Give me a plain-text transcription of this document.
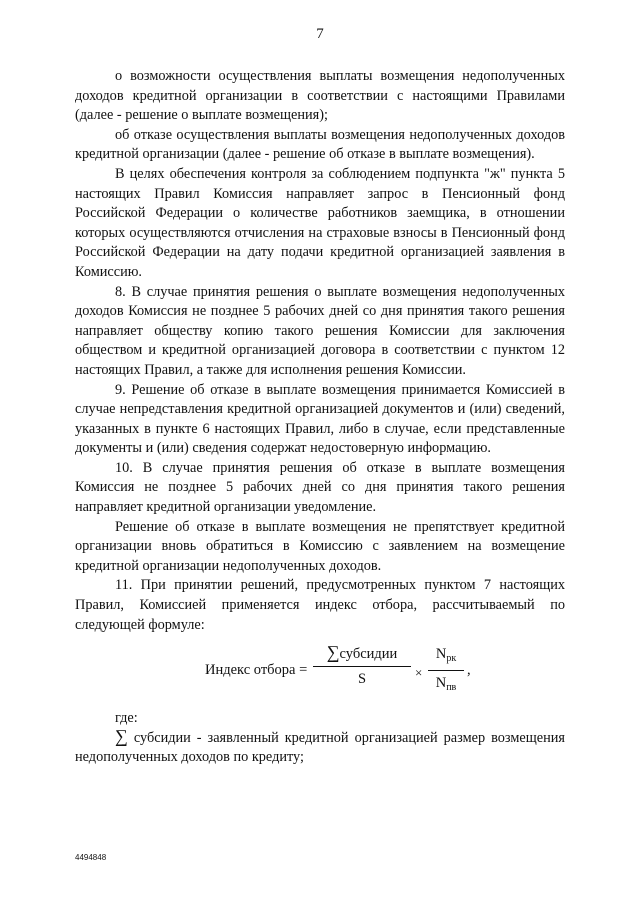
7

о возможности осуществления выплаты возмещения недополученных доходов кредитной организации в соответствии с настоящими Правилами (далее - решение о выплате возмещения);

об отказе осуществления выплаты возмещения недополученных доходов кредитной организации (далее - решение об отказе в выплате возмещения).

В целях обеспечения контроля за соблюдением подпункта "ж" пункта 5 настоящих Правил Комиссия направляет запрос в Пенсионный фонд Российской Федерации о количестве работников заемщика, в отношении которых осуществляются отчисления на страховые взносы в Пенсионный фонд Российской Федерации на дату подачи кредитной организацией заявления в Комиссию.

8. В случае принятия решения о выплате возмещения недополученных доходов Комиссия не позднее 5 рабочих дней со дня принятия такого решения направляет обществу копию такого решения Комиссии для заключения обществом и кредитной организацией договора в соответствии с пунктом 12 настоящих Правил, а также для исполнения решения Комиссии.

9. Решение об отказе в выплате возмещения принимается Комиссией в случае непредставления кредитной организацией документов и (или) сведений, указанных в пункте 6 настоящих Правил, либо в случае, если представленные документы и (или) сведения содержат недостоверную информацию.

10. В случае принятия решения об отказе в выплате возмещения Комиссия не позднее 5 рабочих дней со дня принятия такого решения направляет кредитной организации уведомление.

Решение об отказе в выплате возмещения не препятствует кредитной организации вновь обратиться в Комиссию с заявлением на возмещение кредитной организации недополученных доходов.

11. При принятии решений, предусмотренных пунктом 7 настоящих Правил, Комиссией применяется индекс отбора, рассчитываемый по следующей формуле:

Индекс отбора =
∑субсидии
S	×
$N_{рк}$
$N_{пв}$
,

где:

∑ субсидии - заявленный кредитной организацией размер возмещения недополученных доходов по кредиту;

4494848
